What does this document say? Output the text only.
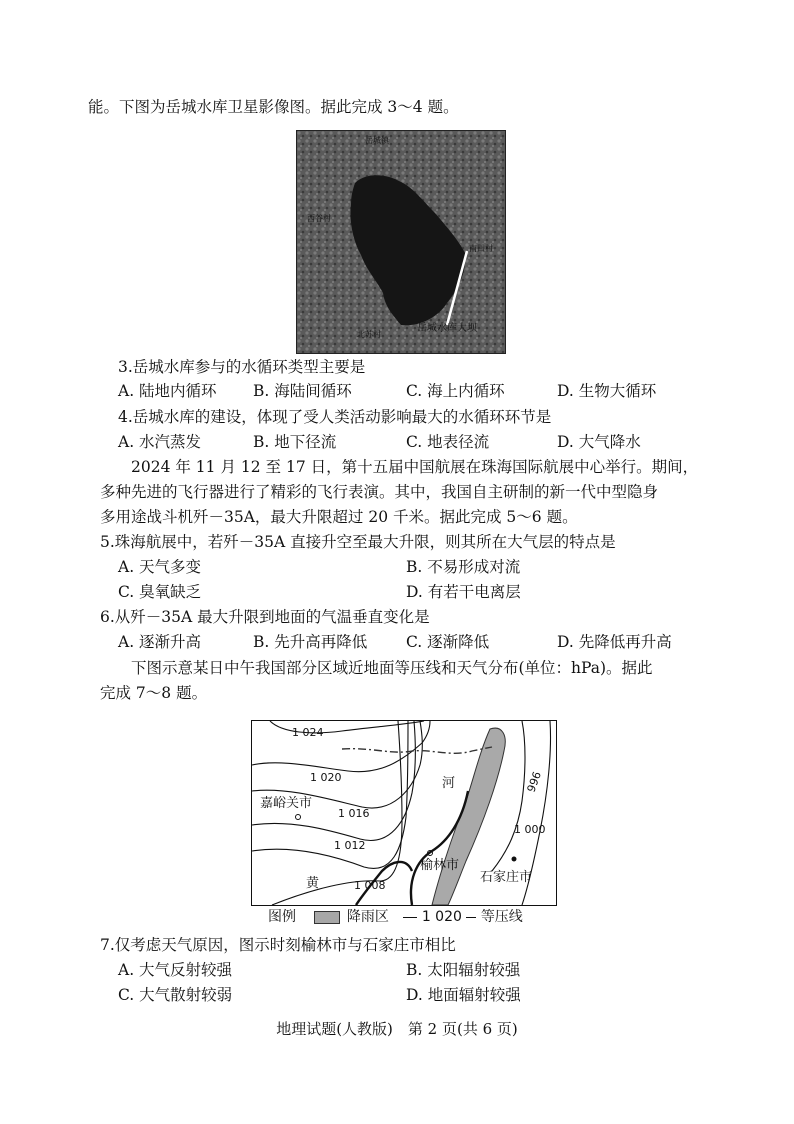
能。下图为岳城水库卫星影像图。据此完成 3～4 题。
岳城镇
西谷村
南凹村
岳城水库大坝
北苏村
3.岳城水库参与的水循环类型主要是
A. 陆地内循环 B. 海陆间循环	C. 海上内循环	D. 生物大循环
4.岳城水库的建设，体现了受人类活动影响最大的水循环环节是
A. 水汽蒸发	B. 地下径流	C. 地表径流	D. 大气降水
2024 年 11 月 12 至 17 日，第十五届中国航展在珠海国际航展中心举行。期间，
多种先进的飞行器进行了精彩的飞行表演。其中，我国自主研制的新一代中型隐身
多用途战斗机歼－35A，最大升限超过 20 千米。据此完成 5～6 题。
5.珠海航展中，若歼－35A 直接升空至最大升限，则其所在大气层的特点是
A. 天气多变	B. 不易形成对流
C. 臭氧缺乏	D. 有若干电离层
6.从歼－35A 最大升限到地面的气温垂直变化是
A. 逐渐升高	B. 先升高再降低	C. 逐渐降低	D. 先降低再升高
下图示意某日中午我国部分区域近地面等压线和天气分布(单位：hPa)。据此
完成 7～8 题。
1 024
1 020
1 016
1 012
1 008
1 000
996
嘉峪关市
榆林市
石家庄市
河
黄
图例	降雨区 1 020 等压线
7.仅考虑天气原因，图示时刻榆林市与石家庄市相比
A. 大气反射较强	B. 太阳辐射较强
C. 大气散射较弱	D. 地面辐射较强
地理试题(人教版)　第 2 页(共 6 页)
